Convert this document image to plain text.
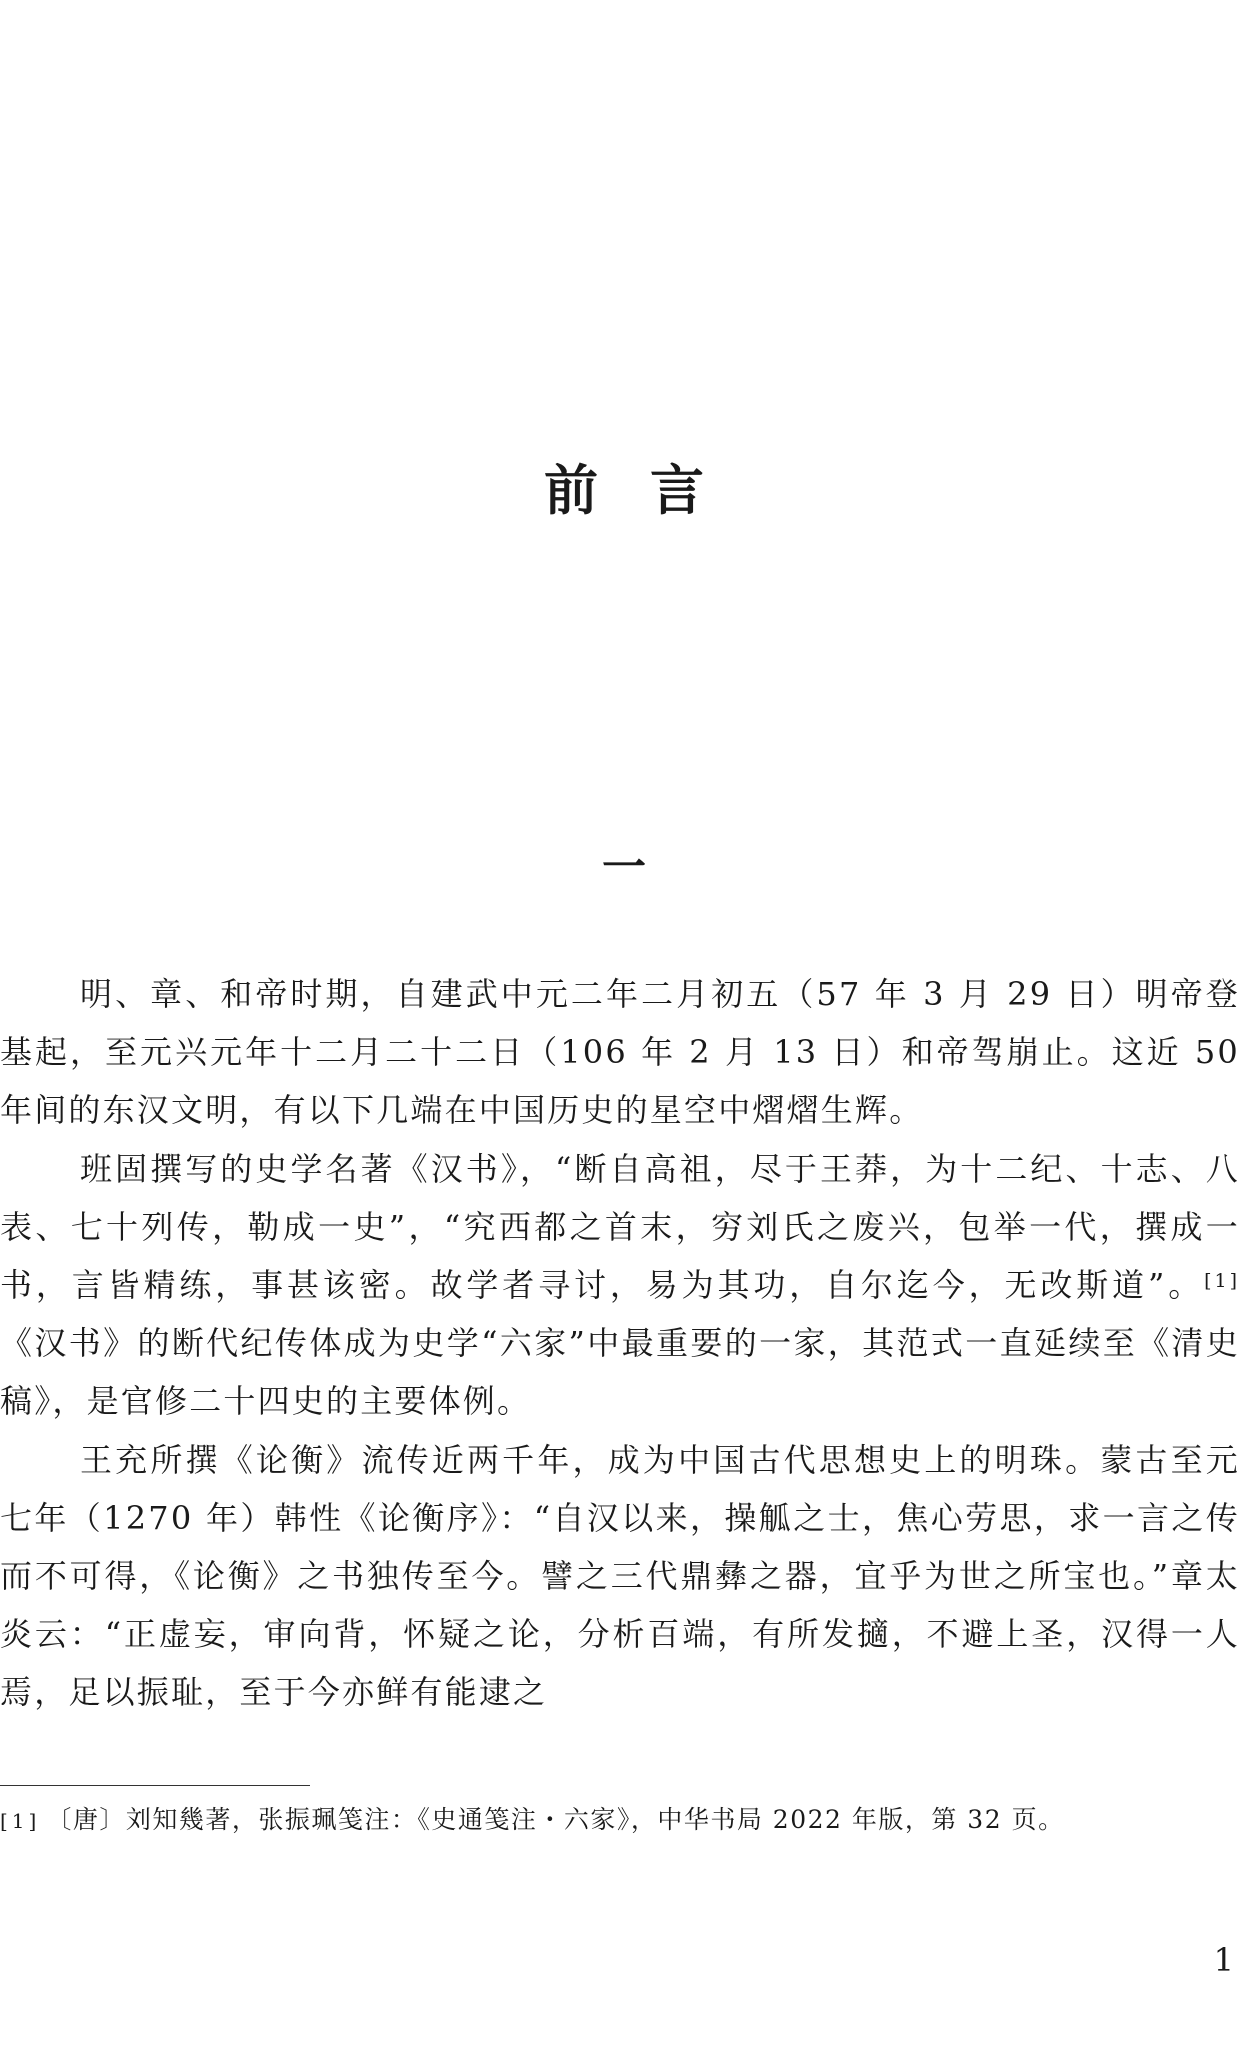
前言
一

明、章、和帝时期，自建武中元二年二月初五（57 年 3 月 29 日）明帝登基起，至元兴元年十二月二十二日（106 年 2 月 13 日）和帝驾崩止。这近 50 年间的东汉文明，有以下几端在中国历史的星空中熠熠生辉。

班固撰写的史学名著《汉书》，“断自高祖，尽于王莽，为十二纪、十志、八表、七十列传，勒成一史”，“究西都之首末，穷刘氏之废兴，包举一代，撰成一书，言皆精练，事甚该密。故学者寻讨，易为其功，自尔迄今，无改斯道”。[1]《汉书》的断代纪传体成为史学“六家”中最重要的一家，其范式一直延续至《清史稿》，是官修二十四史的主要体例。

王充所撰《论衡》流传近两千年，成为中国古代思想史上的明珠。蒙古至元七年（1270 年）韩性《论衡序》：“自汉以来，操觚之士，焦心劳思，求一言之传而不可得，《论衡》之书独传至今。譬之三代鼎彝之器，宜乎为世之所宝也。”章太炎云：“正虚妄，审向背，怀疑之论，分析百端，有所发擿，不避上圣，汉得一人焉，足以振耻，至于今亦鲜有能逮之

[1] 〔唐〕刘知幾著，张振珮笺注：《史通笺注・六家》，中华书局 2022 年版，第 32 页。

1
